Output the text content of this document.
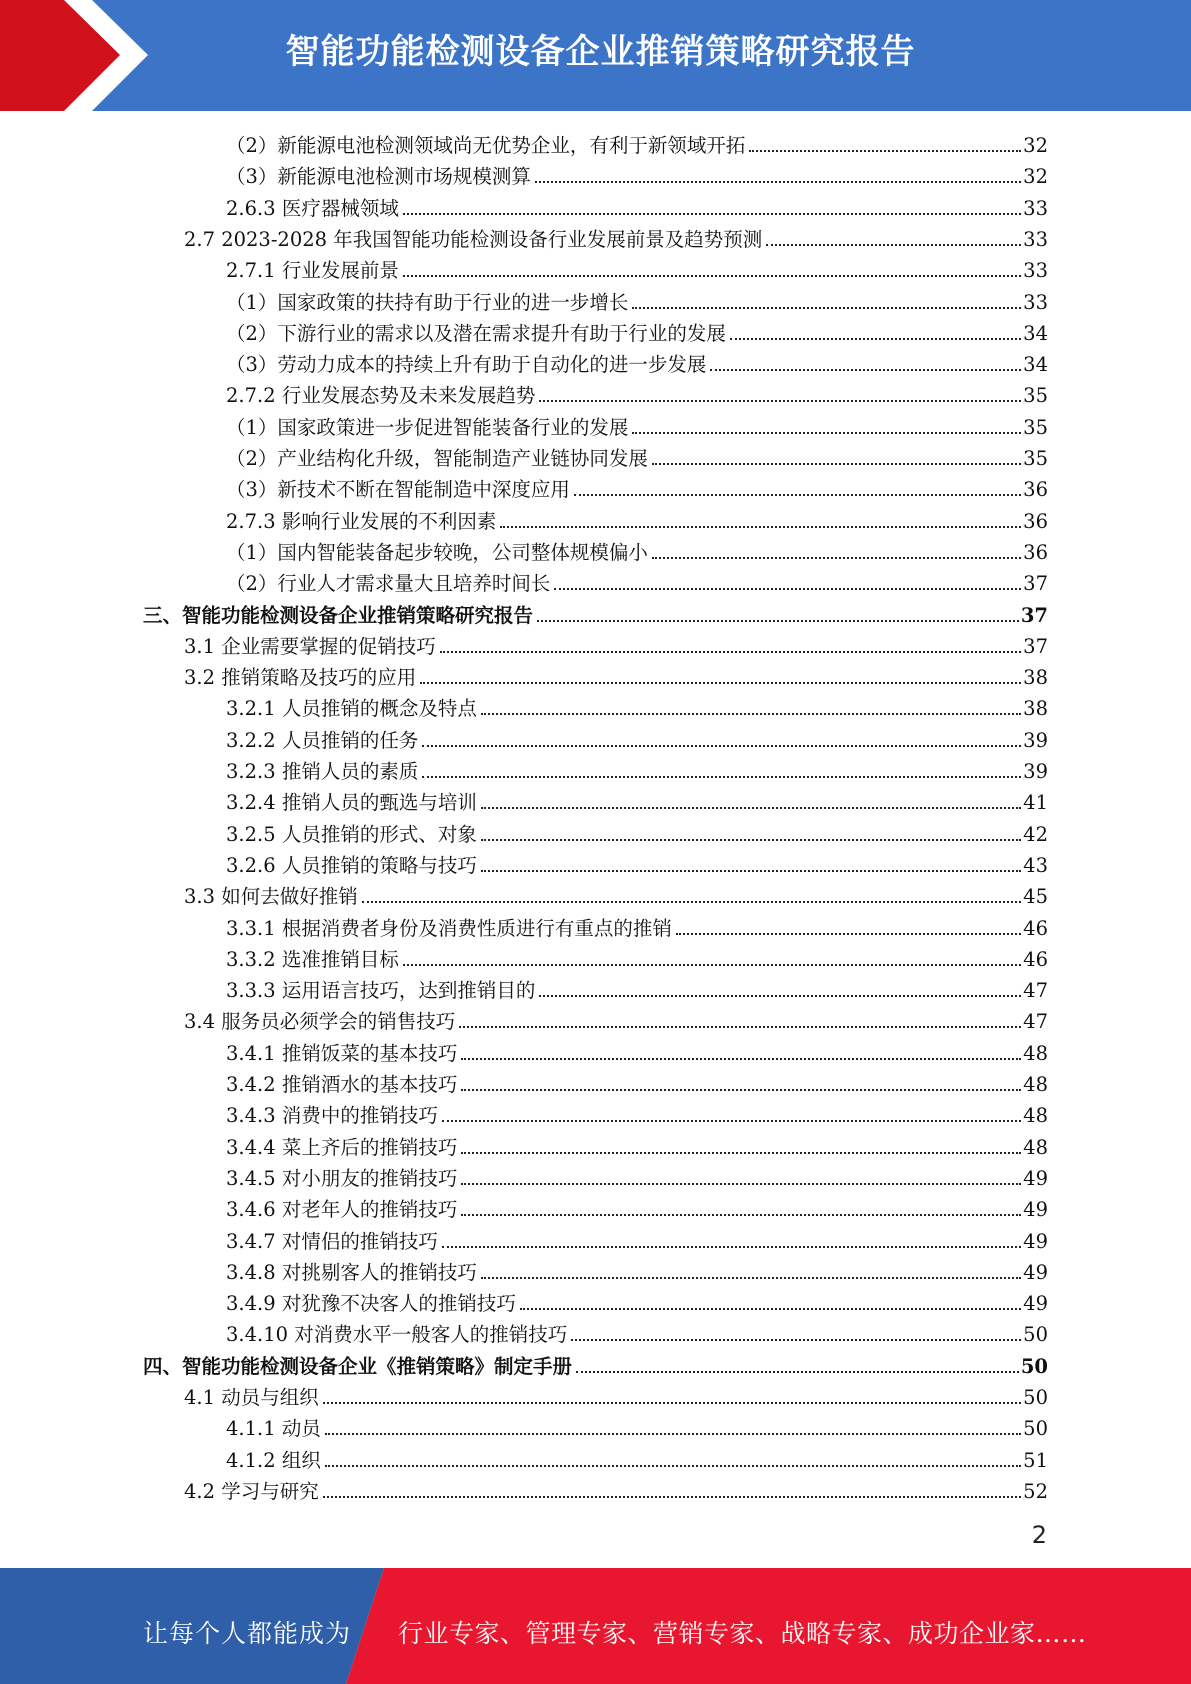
智能功能检测设备企业推销策略研究报告
（2）新能源电池检测领域尚无优势企业，有利于新领域开拓	32
（3）新能源电池检测市场规模测算	32
2.6.3 医疗器械领域	33
2.7 2023-2028 年我国智能功能检测设备行业发展前景及趋势预测	33
2.7.1 行业发展前景	33
（1）国家政策的扶持有助于行业的进一步增长	33
（2）下游行业的需求以及潜在需求提升有助于行业的发展	34
（3）劳动力成本的持续上升有助于自动化的进一步发展	34
2.7.2 行业发展态势及未来发展趋势	35
（1）国家政策进一步促进智能装备行业的发展	35
（2）产业结构化升级，智能制造产业链协同发展	35
（3）新技术不断在智能制造中深度应用	36
2.7.3 影响行业发展的不利因素	36
（1）国内智能装备起步较晚，公司整体规模偏小	36
（2）行业人才需求量大且培养时间长	37
三、智能功能检测设备企业推销策略研究报告	37
3.1 企业需要掌握的促销技巧	37
3.2 推销策略及技巧的应用	38
3.2.1 人员推销的概念及特点	38
3.2.2 人员推销的任务	39
3.2.3 推销人员的素质	39
3.2.4 推销人员的甄选与培训	41
3.2.5 人员推销的形式、对象	42
3.2.6 人员推销的策略与技巧	43
3.3 如何去做好推销	45
3.3.1 根据消费者身份及消费性质进行有重点的推销	46
3.3.2 选准推销目标	46
3.3.3 运用语言技巧，达到推销目的	47
3.4 服务员必须学会的销售技巧	47
3.4.1 推销饭菜的基本技巧	48
3.4.2 推销酒水的基本技巧	48
3.4.3 消费中的推销技巧	48
3.4.4 菜上齐后的推销技巧	48
3.4.5 对小朋友的推销技巧	49
3.4.6 对老年人的推销技巧	49
3.4.7 对情侣的推销技巧	49
3.4.8 对挑剔客人的推销技巧	49
3.4.9 对犹豫不决客人的推销技巧	49
3.4.10 对消费水平一般客人的推销技巧	50
四、智能功能检测设备企业《推销策略》制定手册	50
4.1 动员与组织	50
4.1.1 动员	50
4.1.2 组织	51
4.2 学习与研究	52
2
让每个人都能成为 行业专家、管理专家、营销专家、战略专家、成功企业家……
